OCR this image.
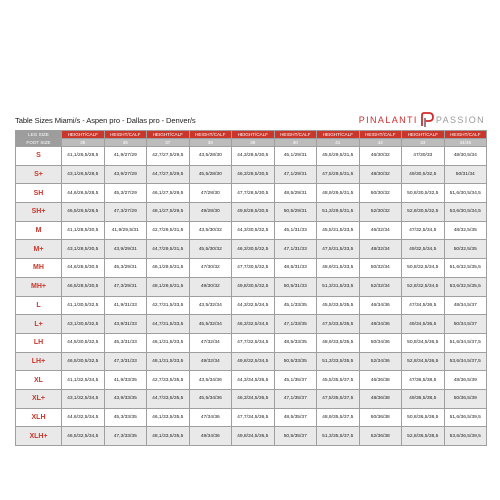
Table Sizes Miami/s - Aspen pro - Dallas pro - Denver/s	PINALANTI PASSION
LEG SIZE	HEIGHT/CALF	HEIGHT/CALF	HEIGHT/CALF	HEIGHT/CALF	HEIGHT/CALF	HEIGHT/CALF	HEIGHT/CALF	HEIGHT/CALF	HEIGHT/CALF	HEIGHT/CALF
FOOT SIZE	35	36	37	38	39	40	41	42	43	44/45
S	41,1/26,5/28,5	41,9/27/29	42,7/27,5/29,5	43,5/28/30	44,3/28,5/30,5	45,1/29/31	45,5/29,5/31,5	46/30/32	47/30/33	48/30,5/34
S+	43,1/26,5/28,5	43,9/27/29	44,7/27,5/29,5	45,5/28/30	46,3/28,5/30,5	47,1/29/31	47,5/29,5/31,5	48/30/32	49/30,5/32,5	50/31/34
SH	44,6/26,5/28,5	45,3/27/29	46,1/27,5/29,5	47/28/30	47,7/28,5/30,5	48,5/29/31	48,9/29,5/31,5	50/30/32	50,8/30,5/32,5	51,6/30,5/34,5
SH+	46,5/26,5/28,5	47,3/27/29	48,1/27,5/29,5	49/28/30	49,8/28,5/30,5	50,5/29/31	51,3/29,5/31,5	52/30/32	52,8/30,5/32,5	53,6/30,5/34,5
M	41,1/28,5/30,5	41,9/29,5/31	42,7/29,5/31,5	43,5/30/32	44,3/30,5/32,5	45,1/31/33	45,5/31,5/33,5	46/32/34	47/32,5/34,5	48/32,5/35
M+	43,1/28,5/30,5	43,9/29/31	44,7/29,5/31,5	45,5/30/32	46,3/30,5/32,5	47,1/31/33	47,5/31,5/33,5	48/32/34	49/32,5/34,5	50/32,5/35
MH	44,6/28,5/30,5	45,3/29/31	46,1/29,5/31,5	47/30/32	47,7/30,5/32,5	48,5/31/33	48,9/31,5/33,5	50/32/34	50,8/32,5/34,5	51,6/32,5/35,5
MH+	46,5/28,5/30,5	47,3/29/31	48,1/29,5/31,5	49/30/32	49,8/30,5/32,5	50,5/31/33	51,3/31,5/33,5	52/32/34	52,8/32,5/34,5	53,6/32,5/35,5
L	41,1/30,5/32,5	41,9/31/33	42,7/31,5/33,5	43,5/32/34	44,3/32,5/34,5	45,1/33/35	45,5/33,5/35,5	46/34/36	47/34,5/36,5	48/34,5/37
L+	43,1/30,5/32,5	43,9/31/33	44,7/31,5/33,5	45,5/32/34	46,3/32,5/34,5	47,1/33/35	47,5/33,5/35,5	48/34/36	49/34,5/36,5	50/34,5/37
LH	44,5/30,5/32,5	45,3/31/33	46,1/31,5/33,5	47/32/34	47,7/32,5/34,5	48,5/33/35	48,9/33,5/35,5	50/34/36	50,8/34,5/36,5	51,6/34,5/37,5
LH+	46,5/30,5/32,5	47,3/31/33	48,1/31,5/33,5	49/32/34	49,8/32,5/34,5	50,5/33/35	51,3/33,5/35,5	52/34/36	52,8/34,5/36,5	53,6/34,5/37,5
XL	41,1/32,5/34,5	41,9/33/35	42,7/33,5/35,5	43,5/34/36	44,3/34,5/36,5	45,1/35/37	45,5/35,5/37,5	46/36/38	47/36,5/38,5	48/36,5/39
XL+	43,1/32,5/34,5	43,9/33/35	44,7/33,5/35,5	45,5/34/36	46,3/34,5/36,5	47,1/35/37	47,5/35,5/37,5	48/36/38	49/36,5/38,5	50/36,5/39
XLH	44,6/32,5/34,5	45,3/33/35	46,1/33,5/35,5	47/34/36	47,7/34,5/36,5	48,5/35/37	48,9/35,5/37,5	50/36/38	50,8/36,5/38,5	51,6/36,5/39,5
XLH+	46,5/32,5/34,5	47,3/33/35	48,1/33,5/35,5	49/34/36	49,8/34,5/36,5	50,5/35/37	51,3/35,5/37,5	52/36/38	52,8/36,5/38,5	53,6/36,5/39,5
